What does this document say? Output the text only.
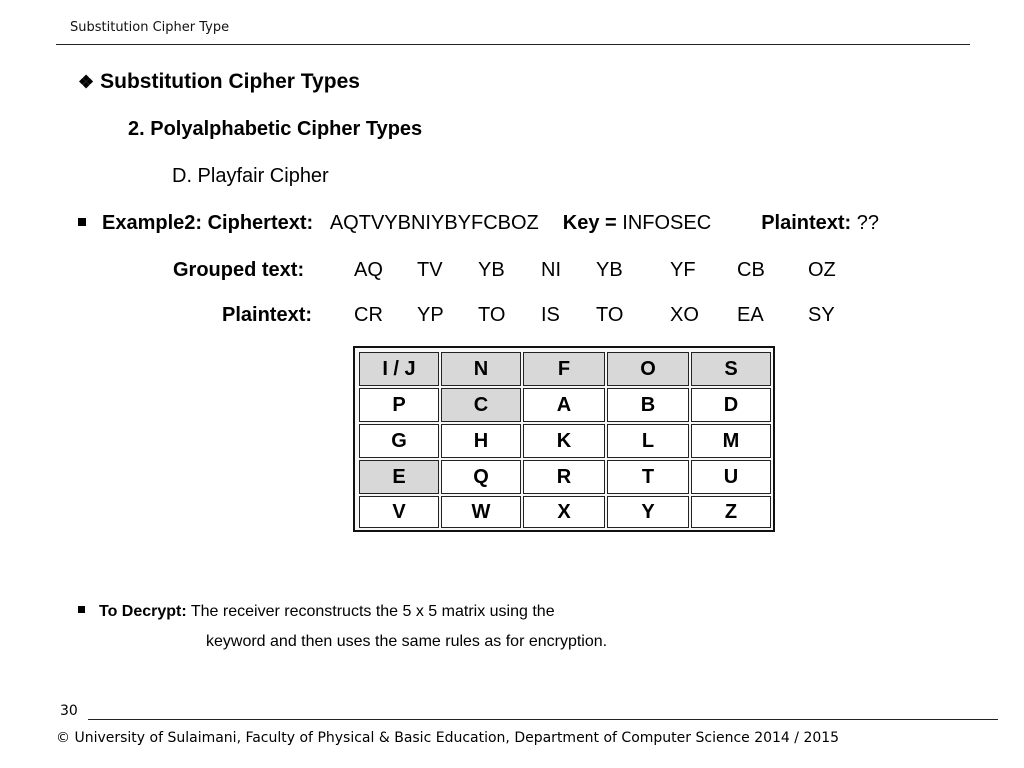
Substitution Cipher Type
❖ Substitution Cipher Types
2. Polyalphabetic Cipher Types
D. Playfair Cipher
Example2: Ciphertext: AQTVYBNIYBYFCBOZ Key = INFOSEC	Plaintext: ??
Grouped text: AQ TV YB NI YB YF CB OZ
Plaintext: CR YP TO IS TO XO EA SY
I / J	N	F	O	S
P	C	A	B	D
G	H	K	L	M
E	Q	R	T	U
V	W	X	Y	Z
To Decrypt: The receiver reconstructs the 5 x 5 matrix using the
keyword and then uses the same rules as for encryption.
30
© University of Sulaimani, Faculty of Physical & Basic Education, Department of Computer Science 2014 / 2015
